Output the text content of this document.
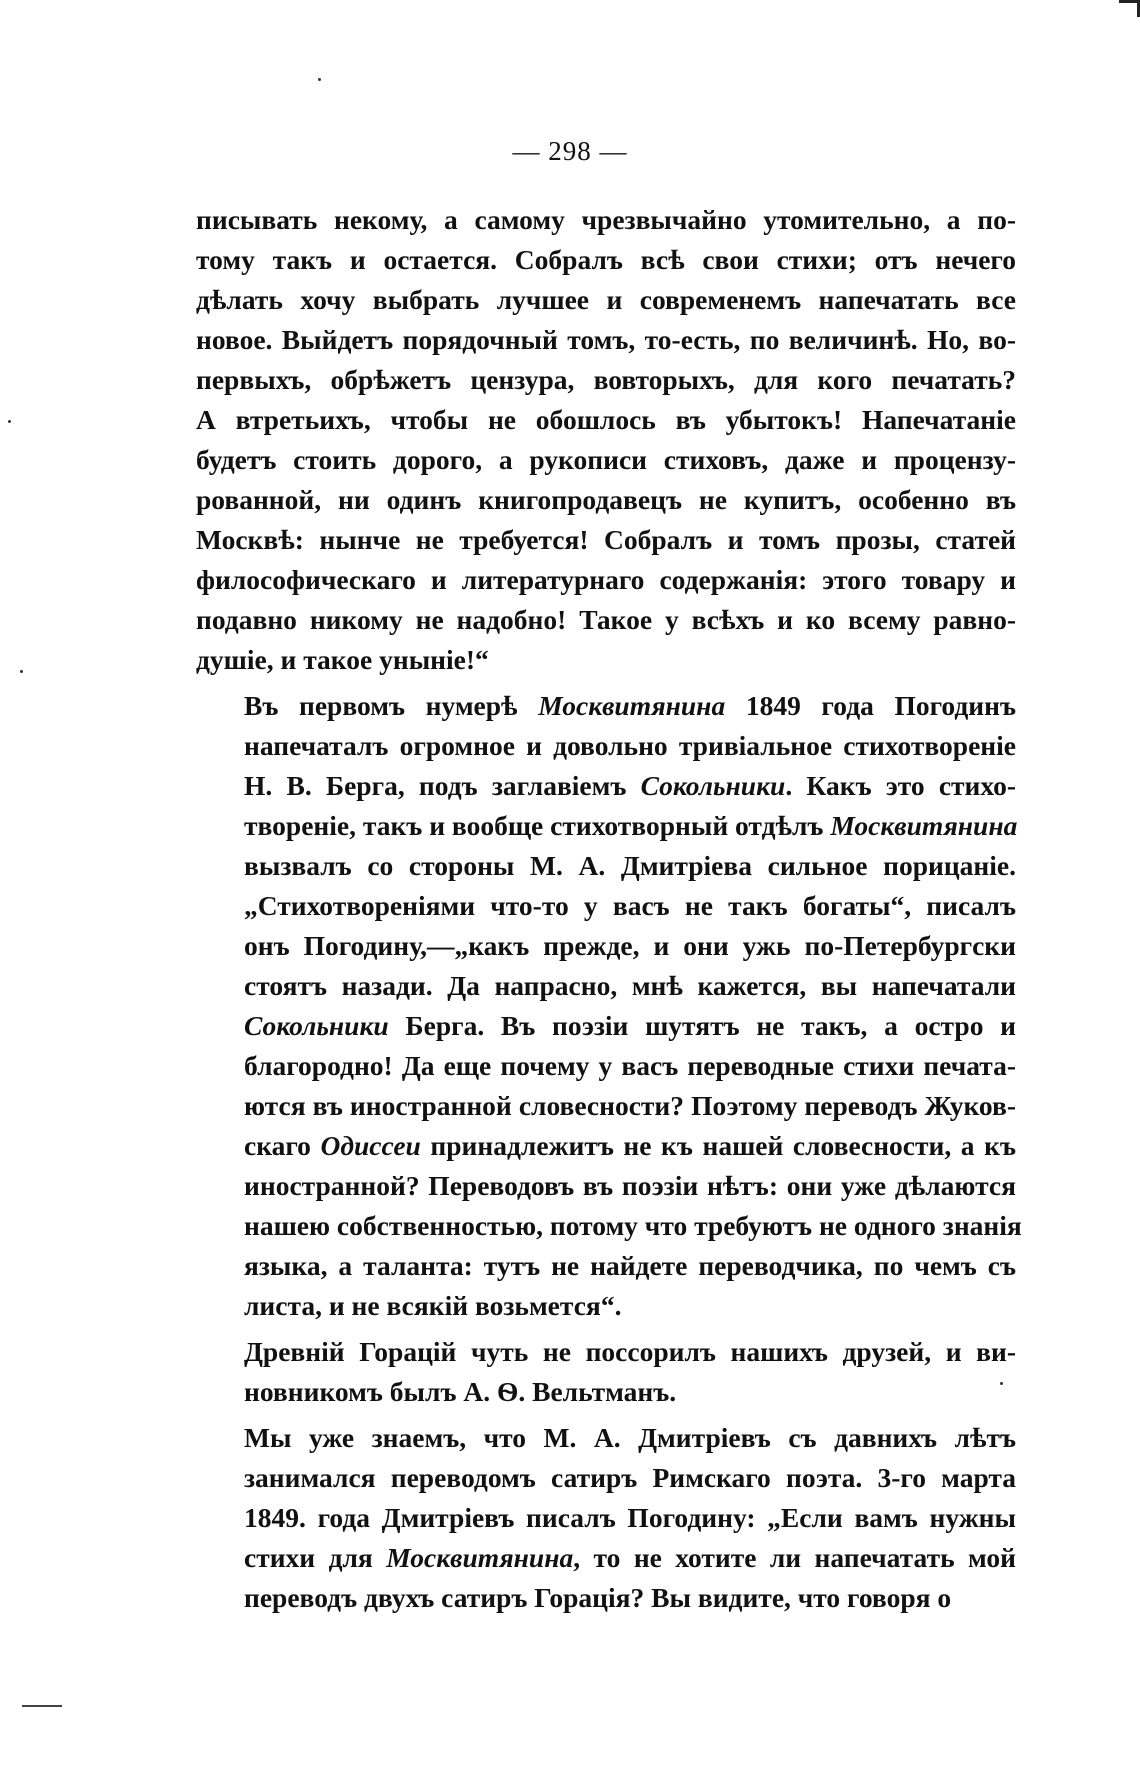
— 298 —
писывать некому, а самому чрезвычайно утомительно, а по-
тому такъ и остается. Собралъ всѣ свои стихи; отъ нечего
дѣлать хочу выбрать лучшее и современемъ напечатать все
новое. Выйдетъ порядочный томъ, то-есть, по величинѣ. Но, во-
первыхъ, обрѣжетъ цензура, вовторыхъ, для кого печатать?
А втретьихъ, чтобы не обошлось въ убытокъ! Напечатаніе
будетъ стоить дорого, а рукописи стиховъ, даже и процензу-
рованной, ни одинъ книгопродавецъ не купитъ, особенно въ
Москвѣ: нынче не требуется! Собралъ и томъ прозы, статей
философическаго и литературнаго содержанія: этого товару и
подавно никому не надобно! Такое у всѣхъ и ко всему равно-
душіе, и такое уныніе!“
Въ первомъ нумерѣ Москвитянина 1849 года Погодинъ
напечаталъ огромное и довольно тривіальное стихотвореніе
Н. В. Берга, подъ заглавіемъ Сокольники. Какъ это стихо-
твореніе, такъ и вообще стихотворный отдѣлъ Москвитянина
вызвалъ со стороны М. А. Дмитріева сильное порицаніе.
„Стихотвореніями что-то у васъ не такъ богаты“, писалъ
онъ Погодину,—„какъ прежде, и они ужь по-Петербургски
стоятъ назади. Да напрасно, мнѣ кажется, вы напечатали
Сокольники Берга. Въ поэзіи шутятъ не такъ, а остро и
благородно! Да еще почему у васъ переводные стихи печата-
ются въ иностранной словесности? Поэтому переводъ Жуков-
скаго Одиссеи принадлежитъ не къ нашей словесности, а къ
иностранной? Переводовъ въ поэзіи нѣтъ: они уже дѣлаются
нашею собственностью, потому что требуютъ не одного знанія
языка, а таланта: тутъ не найдете переводчика, по чемъ съ
листа, и не всякій возьмется“.
Древній Горацій чуть не поссорилъ нашихъ друзей, и ви-
новникомъ былъ А. Ѳ. Вельтманъ.
Мы уже знаемъ, что М. А. Дмитріевъ съ давнихъ лѣтъ
занимался переводомъ сатиръ Римскаго поэта. 3-го марта
1849. года Дмитріевъ писалъ Погодину: „Если вамъ нужны
стихи для Москвитянина, то не хотите ли напечатать мой
переводъ двухъ сатиръ Горація? Вы видите, что говоря о
